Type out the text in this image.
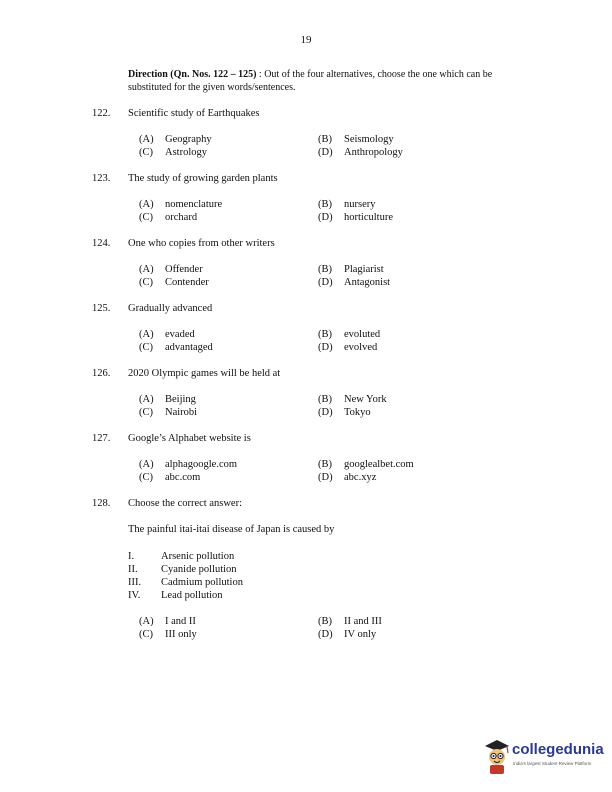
19
Direction (Qn. Nos. 122 – 125) : Out of the four alternatives, choose the one which can be substituted for the given words/sentences.
122.	Scientific study of Earthquakes
(A) Geography	(B) Seismology
(C) Astrology	(D) Anthropology
123.	The study of growing garden plants
(A) nomenclature	(B) nursery
(C) orchard	(D) horticulture
124.	One who copies from other writers
(A) Offender	(B) Plagiarist
(C) Contender	(D) Antagonist
125.	Gradually advanced
(A) evaded	(B) evoluted
(C) advantaged	(D) evolved
126.	2020 Olympic games will be held at
(A) Beijing	(B) New York
(C) Nairobi	(D) Tokyo
127.	Google’s Alphabet website is
(A) alphagoogle.com	(B) googlealbet.com
(C) abc.com	(D) abc.xyz
128.	Choose the correct answer:
The painful itai-itai disease of Japan is caused by
I.	Arsenic pollution
II.	Cyanide pollution
III.	Cadmium pollution
IV.	Lead pollution
(A) I and II	(B) II and III
(C) III only	(D) IV only
collegedunia
India's largest Student Review Platform
